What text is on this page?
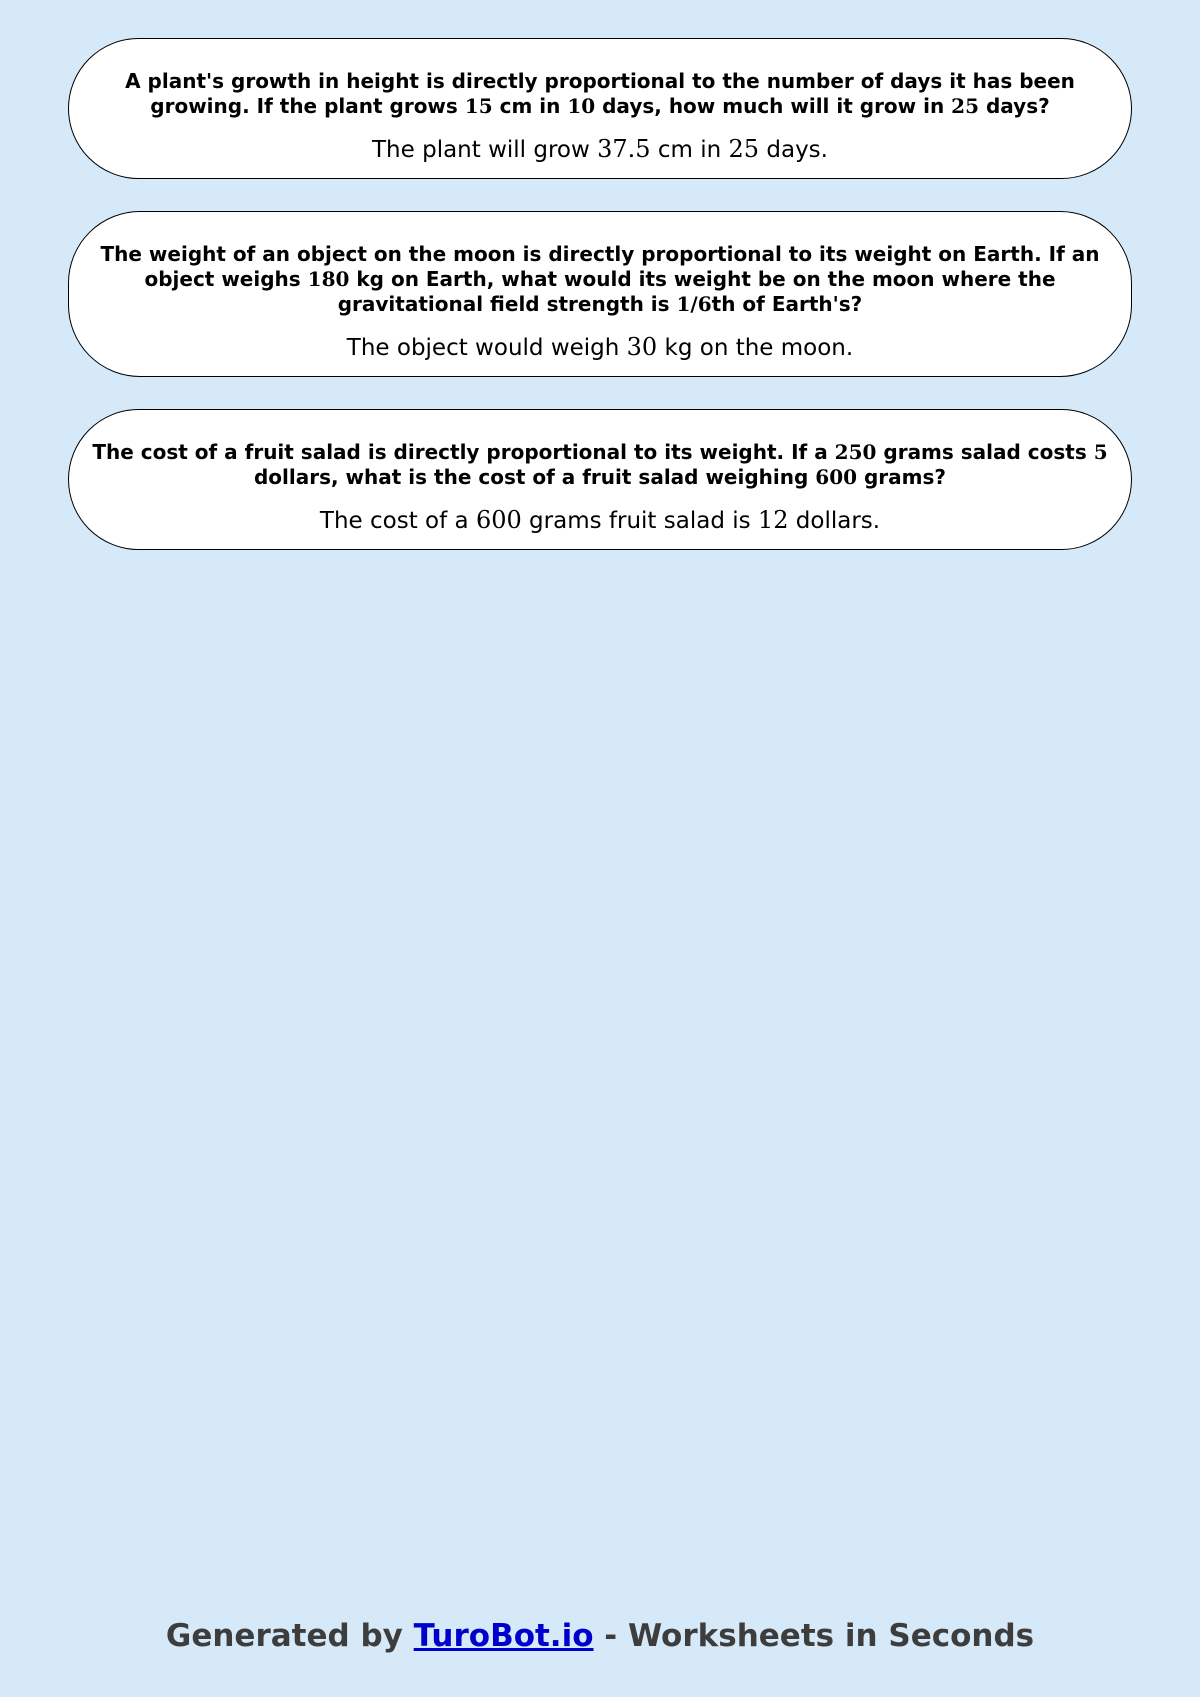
A plant's growth in height is directly proportional to the number of days it has been growing. If the plant grows 15 cm in 10 days, how much will it grow in 25 days?

The plant will grow 37.5 cm in 25 days.

The weight of an object on the moon is directly proportional to its weight on Earth. If an object weighs 180 kg on Earth, what would its weight be on the moon where the gravitational field strength is 1/6th of Earth's?

The object would weigh 30 kg on the moon.

The cost of a fruit salad is directly proportional to its weight. If a 250 grams salad costs 5 dollars, what is the cost of a fruit salad weighing 600 grams?

The cost of a 600 grams fruit salad is 12 dollars.

Generated by TuroBot.io - Worksheets in Seconds
